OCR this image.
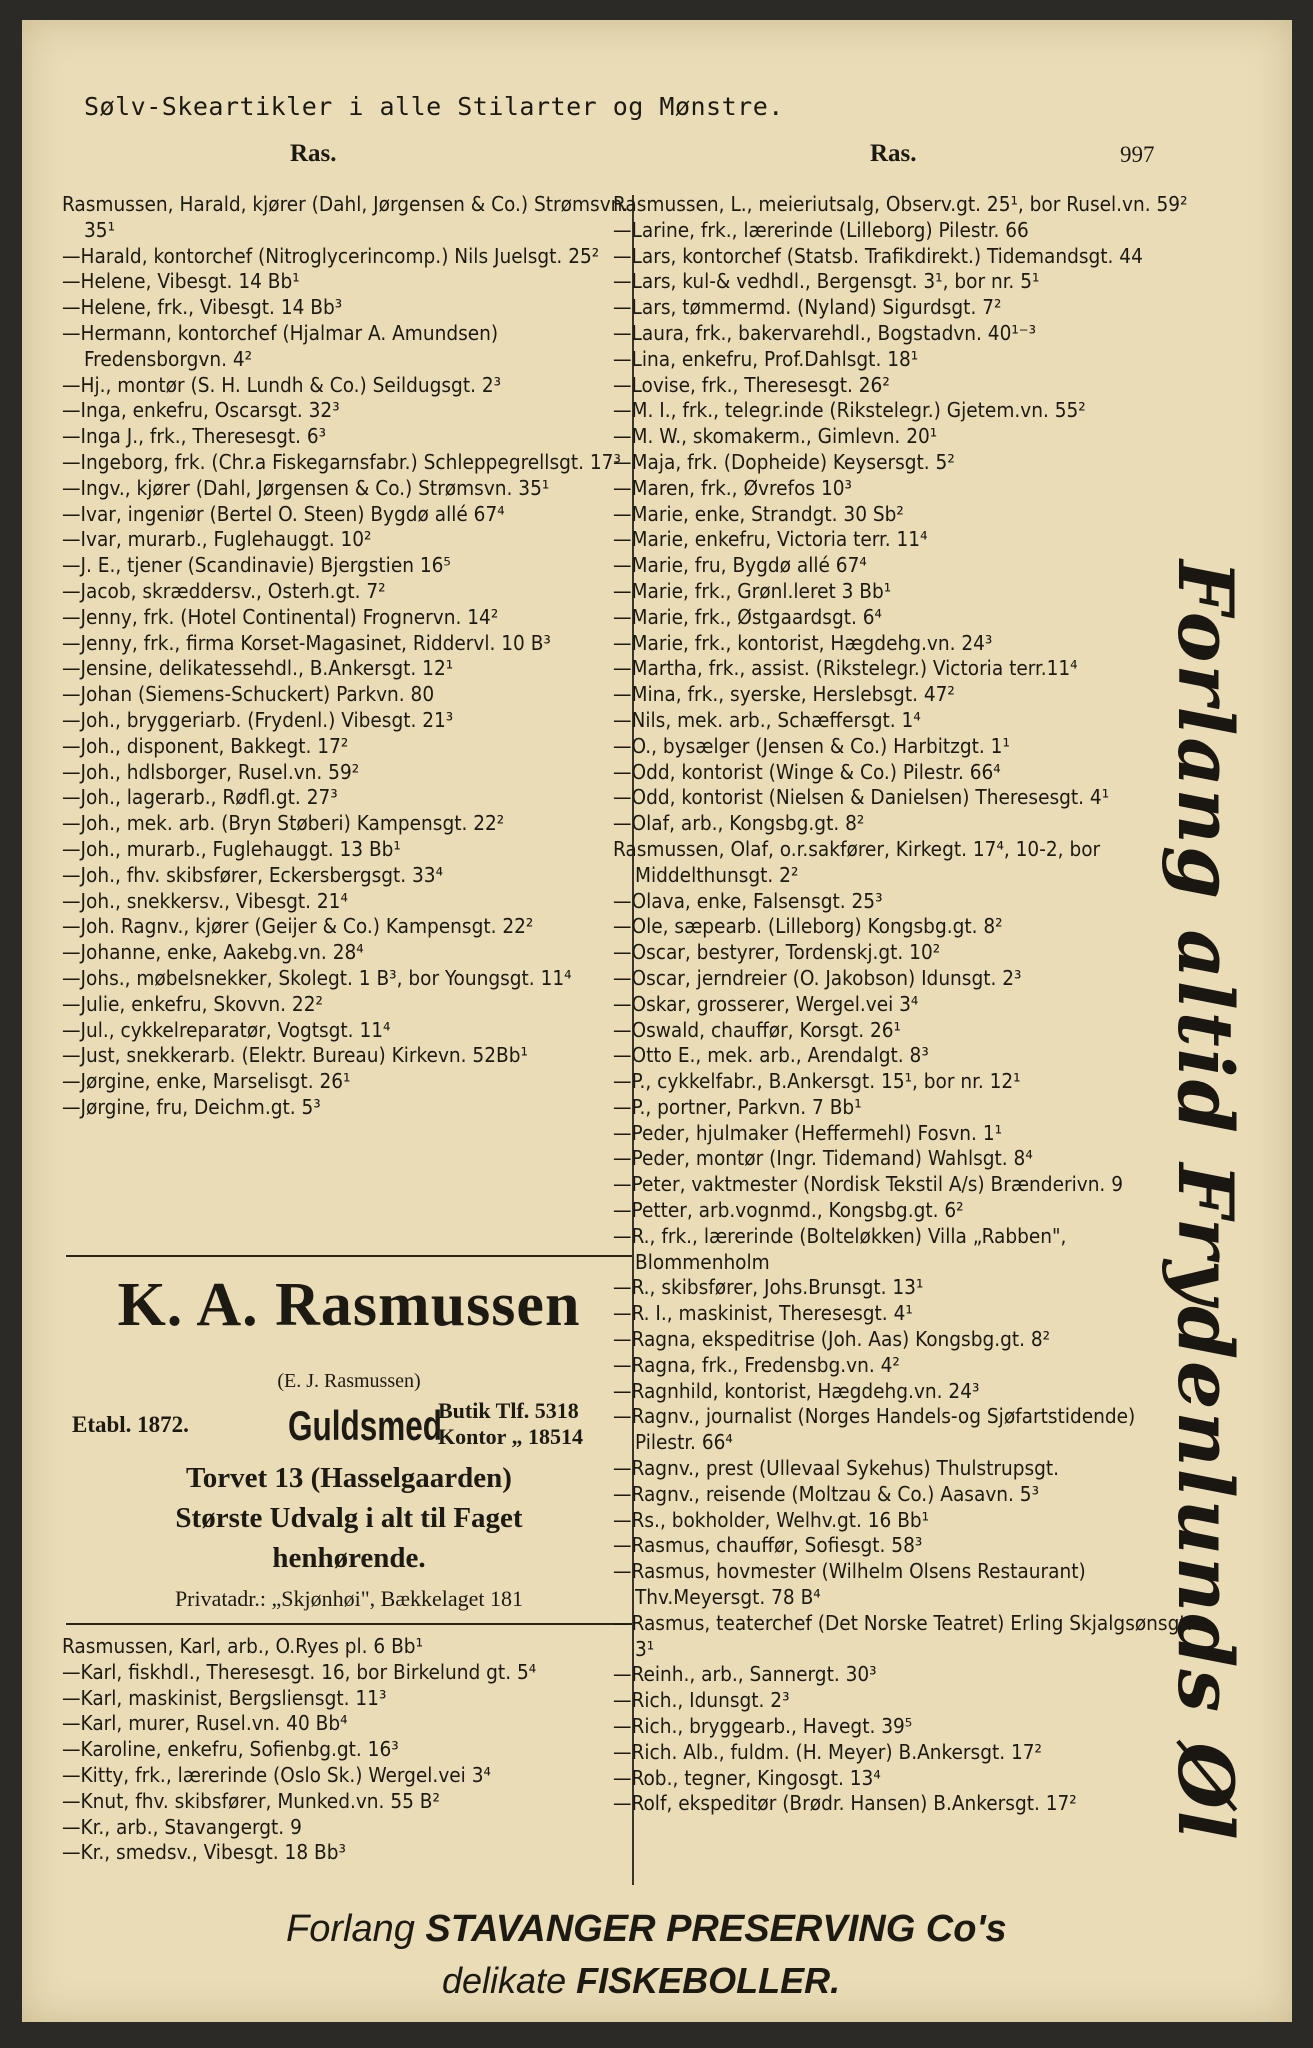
Sølv-Skeartikler i alle Stilarter og Mønstre.
Ras.	Ras.	997

Rasmussen, Harald, kjører (Dahl, Jørgensen & Co.) Strømsvn. 35¹

—Harald, kontorchef (Nitroglycerincomp.) Nils Juelsgt. 25²

—Helene, Vibesgt. 14 Bb¹

—Helene, frk., Vibesgt. 14 Bb³

—Hermann, kontorchef (Hjalmar A. Amundsen) Fredensborgvn. 4²

—Hj., montør (S. H. Lundh & Co.) Seildugsgt. 2³

—Inga, enkefru, Oscarsgt. 32³

—Inga J., frk., Theresesgt. 6³

—Ingeborg, frk. (Chr.a Fiskegarnsfabr.) Schleppegrellsgt. 17³

—Ingv., kjører (Dahl, Jørgensen & Co.) Strømsvn. 35¹

—Ivar, ingeniør (Bertel O. Steen) Bygdø allé 67⁴

—Ivar, murarb., Fuglehauggt. 10²

—J. E., tjener (Scandinavie) Bjergstien 16⁵

—Jacob, skræddersv., Osterh.gt. 7²

—Jenny, frk. (Hotel Continental) Frognervn. 14²

—Jenny, frk., firma Korset-Magasinet, Riddervl. 10 B³

—Jensine, delikatessehdl., B.Ankersgt. 12¹

—Johan (Siemens-Schuckert) Parkvn. 80

—Joh., bryggeriarb. (Frydenl.) Vibesgt. 21³

—Joh., disponent, Bakkegt. 17²

—Joh., hdlsborger, Rusel.vn. 59²

—Joh., lagerarb., Rødfl.gt. 27³

—Joh., mek. arb. (Bryn Støberi) Kampensgt. 22²

—Joh., murarb., Fuglehauggt. 13 Bb¹

—Joh., fhv. skibsfører, Eckersbergsgt. 33⁴

—Joh., snekkersv., Vibesgt. 21⁴

—Joh. Ragnv., kjører (Geijer & Co.) Kampensgt. 22²

—Johanne, enke, Aakebg.vn. 28⁴

—Johs., møbelsnekker, Skolegt. 1 B³, bor Youngsgt. 11⁴

—Julie, enkefru, Skovvn. 22²

—Jul., cykkelreparatør, Vogtsgt. 11⁴

—Just, snekkerarb. (Elektr. Bureau) Kirkevn. 52Bb¹

—Jørgine, enke, Marselisgt. 26¹

—Jørgine, fru, Deichm.gt. 5³

K. A. Rasmussen
(E. J. Rasmussen)
Etabl. 1872. Guldsmed
Butik Tlf. 5318
Kontor „ 18514
Torvet 13 (Hasselgaarden)
Største Udvalg i alt til Faget
henhørende.
Privatadr.: „Skjønhøi", Bækkelaget 181

Rasmussen, Karl, arb., O.Ryes pl. 6 Bb¹

—Karl, fiskhdl., Theresesgt. 16, bor Birkelund gt. 5⁴

—Karl, maskinist, Bergsliensgt. 11³

—Karl, murer, Rusel.vn. 40 Bb⁴

—Karoline, enkefru, Sofienbg.gt. 16³

—Kitty, frk., lærerinde (Oslo Sk.) Wergel.vei 3⁴

—Knut, fhv. skibsfører, Munked.vn. 55 B²

—Kr., arb., Stavangergt. 9

—Kr., smedsv., Vibesgt. 18 Bb³

Rasmussen, L., meieriutsalg, Observ.gt. 25¹, bor Rusel.vn. 59²

—Larine, frk., lærerinde (Lilleborg) Pilestr. 66

—Lars, kontorchef (Statsb. Trafikdirekt.) Tidemandsgt. 44

—Lars, kul-& vedhdl., Bergensgt. 3¹, bor nr. 5¹

—Lars, tømmermd. (Nyland) Sigurdsgt. 7²

—Laura, frk., bakervarehdl., Bogstadvn. 40¹⁻³

—Lina, enkefru, Prof.Dahlsgt. 18¹

—Lovise, frk., Theresesgt. 26²

—M. I., frk., telegr.inde (Rikstelegr.) Gjetem.vn. 55²

—M. W., skomakerm., Gimlevn. 20¹

—Maja, frk. (Dopheide) Keysersgt. 5²

—Maren, frk., Øvrefos 10³

—Marie, enke, Strandgt. 30 Sb²

—Marie, enkefru, Victoria terr. 11⁴

—Marie, fru, Bygdø allé 67⁴

—Marie, frk., Grønl.leret 3 Bb¹

—Marie, frk., Østgaardsgt. 6⁴

—Marie, frk., kontorist, Hægdehg.vn. 24³

—Martha, frk., assist. (Rikstelegr.) Victoria terr.11⁴

—Mina, frk., syerske, Herslebsgt. 47²

—Nils, mek. arb., Schæffersgt. 1⁴

—O., bysælger (Jensen & Co.) Harbitzgt. 1¹

—Odd, kontorist (Winge & Co.) Pilestr. 66⁴

—Odd, kontorist (Nielsen & Danielsen) Theresesgt. 4¹

—Olaf, arb., Kongsbg.gt. 8²

Rasmussen, Olaf, o.r.sakfører, Kirkegt. 17⁴, 10-2, bor Middelthunsgt. 2²

—Olava, enke, Falsensgt. 25³

—Ole, sæpearb. (Lilleborg) Kongsbg.gt. 8²

—Oscar, bestyrer, Tordenskj.gt. 10²

—Oscar, jerndreier (O. Jakobson) Idunsgt. 2³

—Oskar, grosserer, Wergel.vei 3⁴

—Oswald, chauffør, Korsgt. 26¹

—Otto E., mek. arb., Arendalgt. 8³

—P., cykkelfabr., B.Ankersgt. 15¹, bor nr. 12¹

—P., portner, Parkvn. 7 Bb¹

—Peder, hjulmaker (Heffermehl) Fosvn. 1¹

—Peder, montør (Ingr. Tidemand) Wahlsgt. 8⁴

—Peter, vaktmester (Nordisk Tekstil A/s) Brænderivn. 9

—Petter, arb.vognmd., Kongsbg.gt. 6²

—R., frk., lærerinde (Bolteløkken) Villa „Rabben", Blommenholm

—R., skibsfører, Johs.Brunsgt. 13¹

—R. I., maskinist, Theresesgt. 4¹

—Ragna, ekspeditrise (Joh. Aas) Kongsbg.gt. 8²

—Ragna, frk., Fredensbg.vn. 4²

—Ragnhild, kontorist, Hægdehg.vn. 24³

—Ragnv., journalist (Norges Handels-og Sjøfartstidende) Pilestr. 66⁴

—Ragnv., prest (Ullevaal Sykehus) Thulstrupsgt.

—Ragnv., reisende (Moltzau & Co.) Aasavn. 5³

—Rs., bokholder, Welhv.gt. 16 Bb¹

—Rasmus, chauffør, Sofiesgt. 58³

—Rasmus, hovmester (Wilhelm Olsens Restaurant) Thv.Meyersgt. 78 B⁴

—Rasmus, teaterchef (Det Norske Teatret) Erling Skjalgsønsgt. 3¹

—Reinh., arb., Sannergt. 30³

—Rich., Idunsgt. 2³

—Rich., bryggearb., Havegt. 39⁵

—Rich. Alb., fuldm. (H. Meyer) B.Ankersgt. 17²

—Rob., tegner, Kingosgt. 13⁴

—Rolf, ekspeditør (Brødr. Hansen) B.Ankersgt. 17²	Forlang altid Frydenlunds Øl
Forlang STAVANGER PRESERVING Co's
delikate FISKEBOLLER.
